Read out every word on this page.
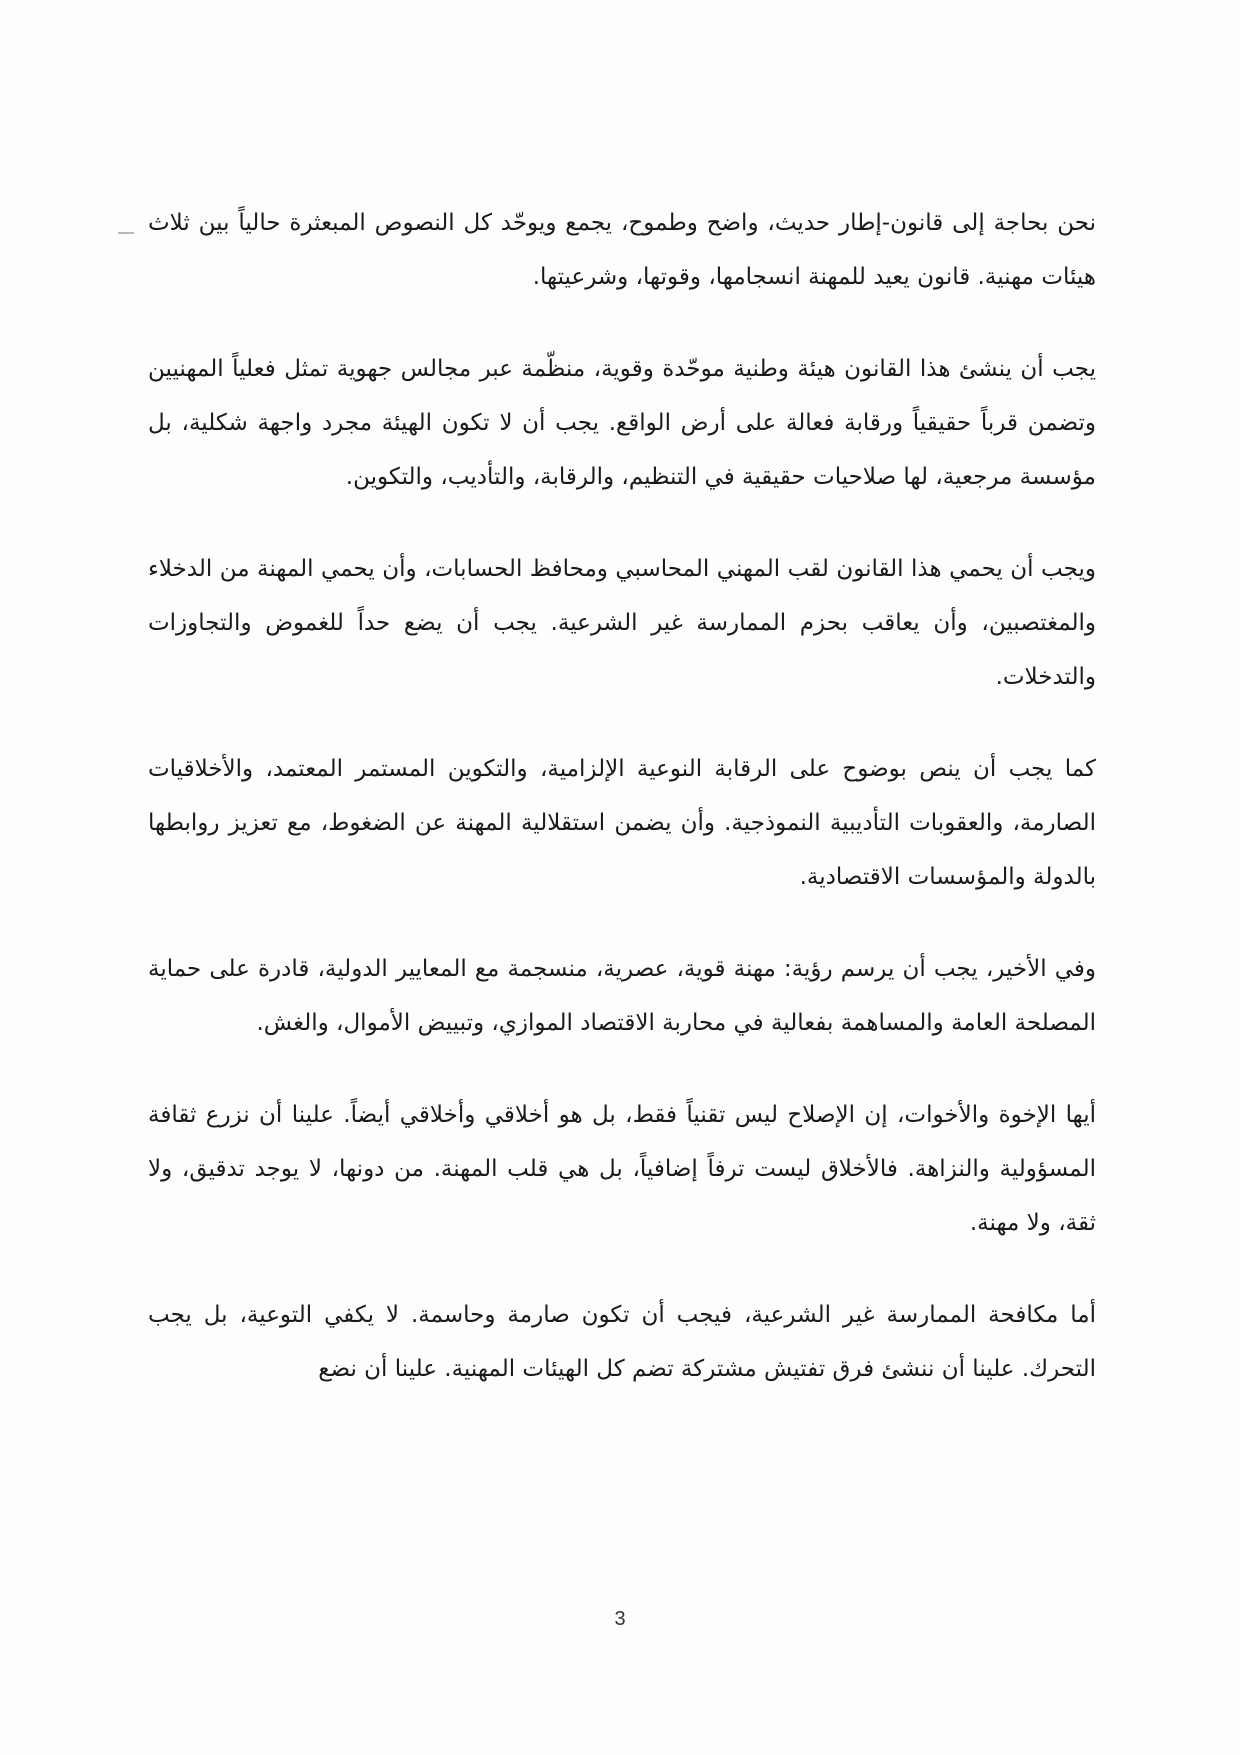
نحن بحاجة إلى قانون-إطار حديث، واضح وطموح، يجمع ويوحّد كل النصوص المبعثرة حالياً بين ثلاث هيئات مهنية. قانون يعيد للمهنة انسجامها، وقوتها، وشرعيتها.

يجب أن ينشئ هذا القانون هيئة وطنية موحّدة وقوية، منظّمة عبر مجالس جهوية تمثل فعلياً المهنيين وتضمن قرباً حقيقياً ورقابة فعالة على أرض الواقع. يجب أن لا تكون الهيئة مجرد واجهة شكلية، بل مؤسسة مرجعية، لها صلاحيات حقيقية في التنظيم، والرقابة، والتأديب، والتكوين.

ويجب أن يحمي هذا القانون لقب المهني المحاسبي ومحافظ الحسابات، وأن يحمي المهنة من الدخلاء والمغتصبين، وأن يعاقب بحزم الممارسة غير الشرعية. يجب أن يضع حداً للغموض والتجاوزات والتدخلات.

كما يجب أن ينص بوضوح على الرقابة النوعية الإلزامية، والتكوين المستمر المعتمد، والأخلاقيات الصارمة، والعقوبات التأديبية النموذجية. وأن يضمن استقلالية المهنة عن الضغوط، مع تعزيز روابطها بالدولة والمؤسسات الاقتصادية.

وفي الأخير، يجب أن يرسم رؤية: مهنة قوية، عصرية، منسجمة مع المعايير الدولية، قادرة على حماية المصلحة العامة والمساهمة بفعالية في محاربة الاقتصاد الموازي، وتبييض الأموال، والغش.

أيها الإخوة والأخوات، إن الإصلاح ليس تقنياً فقط، بل هو أخلاقي وأخلاقي أيضاً. علينا أن نزرع ثقافة المسؤولية والنزاهة. فالأخلاق ليست ترفاً إضافياً، بل هي قلب المهنة. من دونها، لا يوجد تدقيق، ولا ثقة، ولا مهنة.

أما مكافحة الممارسة غير الشرعية، فيجب أن تكون صارمة وحاسمة. لا يكفي التوعية، بل يجب التحرك. علينا أن ننشئ فرق تفتيش مشتركة تضم كل الهيئات المهنية. علينا أن نضع

3
